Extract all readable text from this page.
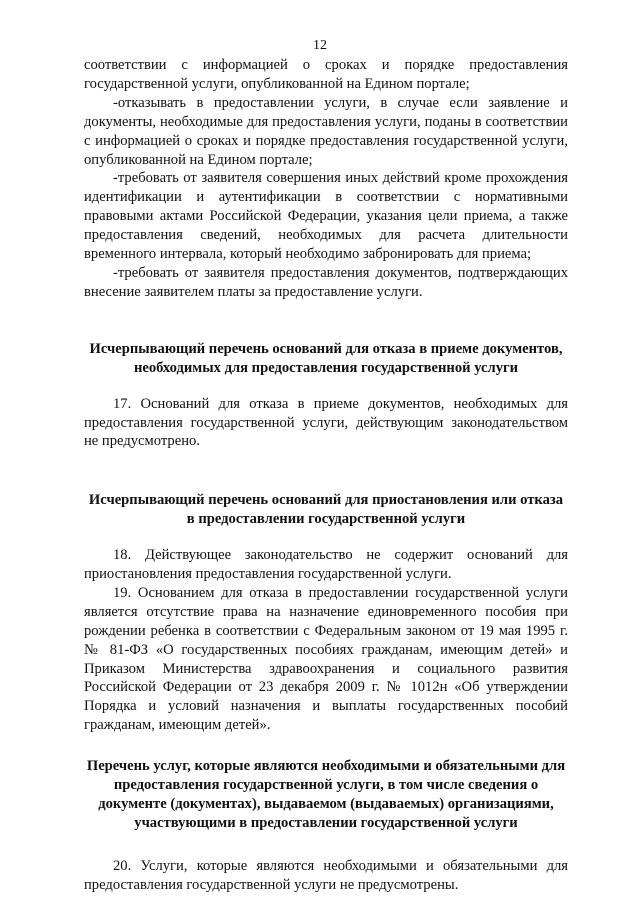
12

соответствии с информацией о сроках и порядке предоставления государственной услуги, опубликованной на Едином портале;

-отказывать в предоставлении услуги, в случае если заявление и документы, необходимые для предоставления услуги, поданы в соответствии с информацией о сроках и порядке предоставления государственной услуги, опубликованной на Едином портале;

-требовать от заявителя совершения иных действий кроме прохождения идентификации и аутентификации в соответствии с нормативными правовыми актами Российской Федерации, указания цели приема, а также предоставления сведений, необходимых для расчета длительности временного интервала, который необходимо забронировать для приема;

-требовать от заявителя предоставления документов, подтверждающих внесение заявителем платы за предоставление услуги.

Исчерпывающий перечень оснований для отказа в приеме документов, необходимых для предоставления государственной услуги

17. Оснований для отказа в приеме документов, необходимых для предоставления государственной услуги, действующим законодательством не предусмотрено.

Исчерпывающий перечень оснований для приостановления или отказа в предоставлении государственной услуги

18. Действующее законодательство не содержит оснований для приостановления предоставления государственной услуги.

19. Основанием для отказа в предоставлении государственной услуги является отсутствие права на назначение единовременного пособия при рождении ребенка в соответствии с Федеральным законом от 19 мая 1995 г. № 81-ФЗ «О государственных пособиях гражданам, имеющим детей» и Приказом Министерства здравоохранения и социального развития Российской Федерации от 23 декабря 2009 г. № 1012н «Об утверждении Порядка и условий назначения и выплаты государственных пособий гражданам, имеющим детей».

Перечень услуг, которые являются необходимыми и обязательными для предоставления государственной услуги, в том числе сведения о документе (документах), выдаваемом (выдаваемых) организациями, участвующими в предоставлении государственной услуги

20. Услуги, которые являются необходимыми и обязательными для предоставления государственной услуги не предусмотрены.
